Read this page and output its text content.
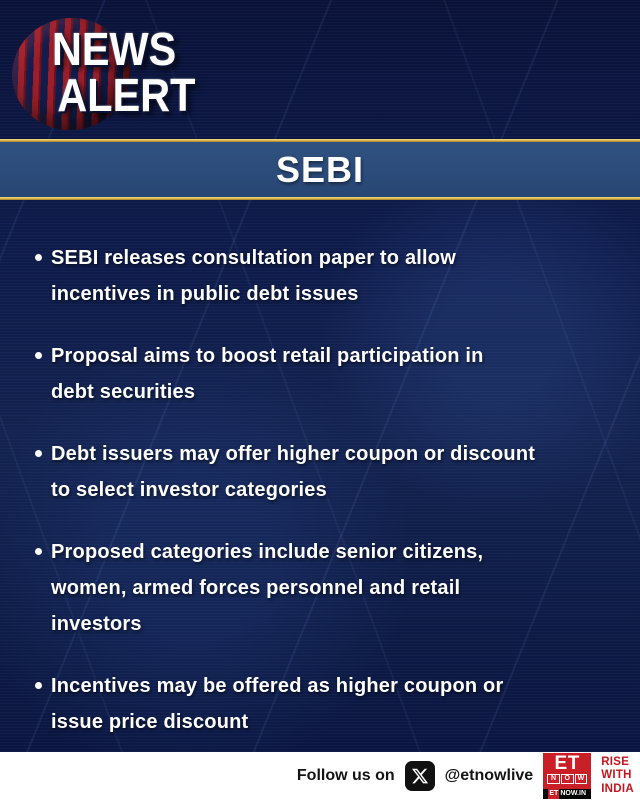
NEWS
ALERT
SEBI
SEBI releases consultation paper to allow
incentives in public debt issues
Proposal aims to boost retail participation in
debt securities
Debt issuers may offer higher coupon or discount
to select investor categories
Proposed categories include senior citizens,
women, armed forces personnel and retail
investors
Incentives may be offered as higher coupon or
issue price discount
Follow us on	@etnowlive
ET
N	O	W
ET NOW.IN
RISE
WITH
INDIA
